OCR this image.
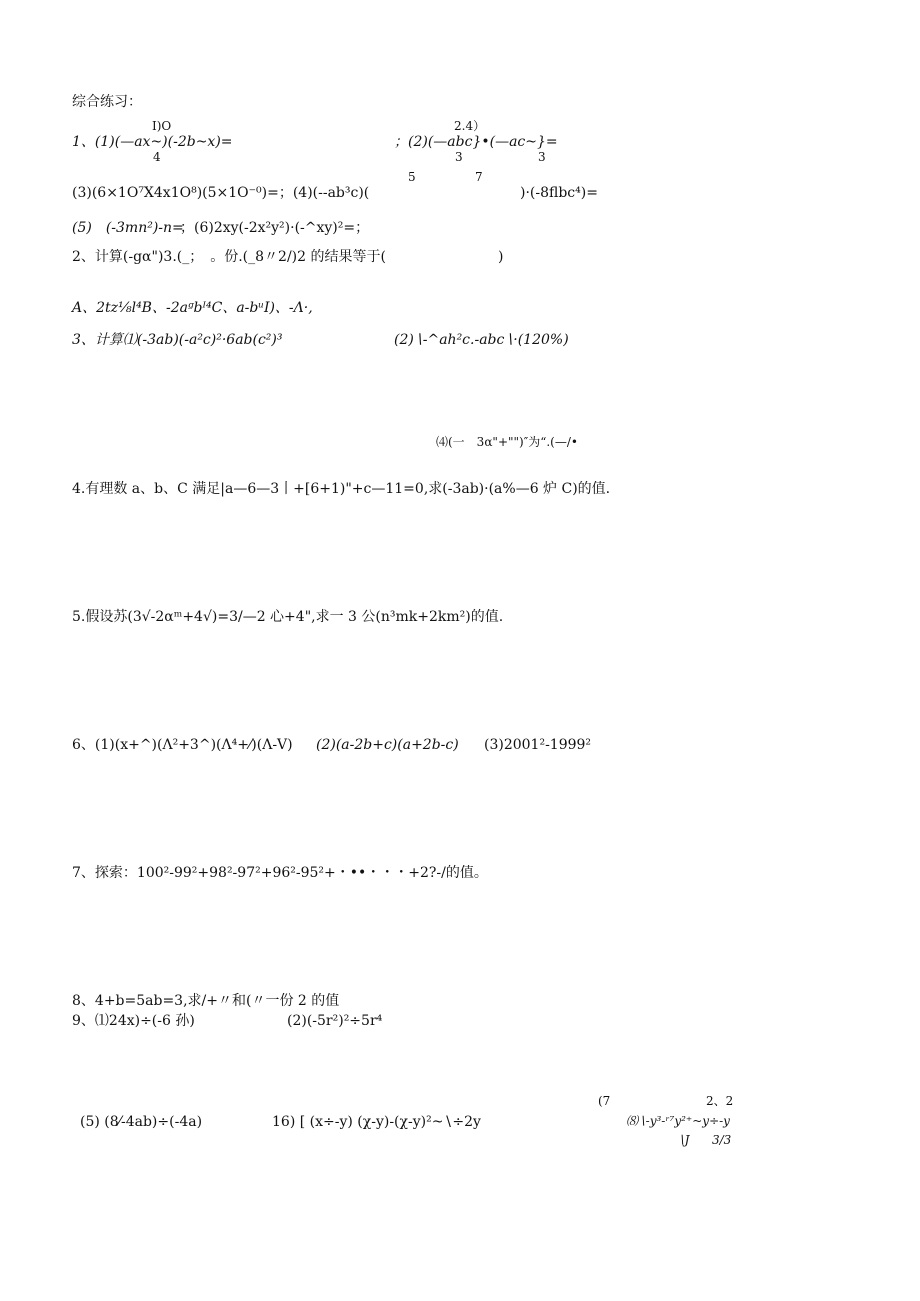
综合练习：
I)O	2.4）
1、(1)(—ax~)(-2b~x)=	；(2)(—abc}•(—ac~}=
4	3	3
5	7
(3)(6×1O⁷X4x1O⁸)(5×1O⁻⁰)=；(4)(--ab³c)(	)·(-8flbc⁴)=
(5)　(-3mn²)-n=
；(6)2xy(-2x²y²)·(-^xy)²=；
2、计算(-gα")3.(_；　。份.(_8〃2/)2 的结果等于(　　　　　　　　)
A、2tz⅛l⁴B、-2aᵍbᴵ⁴C、a-bᵘI)、-Λ·,
3、计算⑴(-3ab)(-a²c)²·6ab(c²)³	(2)∖-^ah²c.-abc∖·(120%)
⑷(一　3α"+"")″为“.(—/•
4.有理数 a、b、C 满足|a—6—3丨+[6+1)"+c—11=0,求(-3ab)·(a%—6 炉 C)的值.
5.假设苏(3√-2αᵐ+4√)=3/—2 心+4",求一 3 公(n³mk+2km²)的值.
6、(1)(x+^)(Λ²+3^)(Λ⁴+⁄)(Λ-V) (2)(a-2b+c)(a+2b-c) (3)2001²-1999²
7、探索：100²-99²+98²-97²+96²-95²+・••・・・+2?-/的值。
8、4+b=5ab=3,求/+〃和(〃一份 2 的值
9、⑴24x)÷(-6 孙)	(2)(-5r²)²÷5r⁴
(7	2、2
(5) (8⁄-4ab)÷(-4a)	16) [ (x÷-y) (χ-y)-(χ-y)²~∖÷2y	⑻∖-y³-ʳ⁷y²⁺~y÷-y
∖J 3/3
